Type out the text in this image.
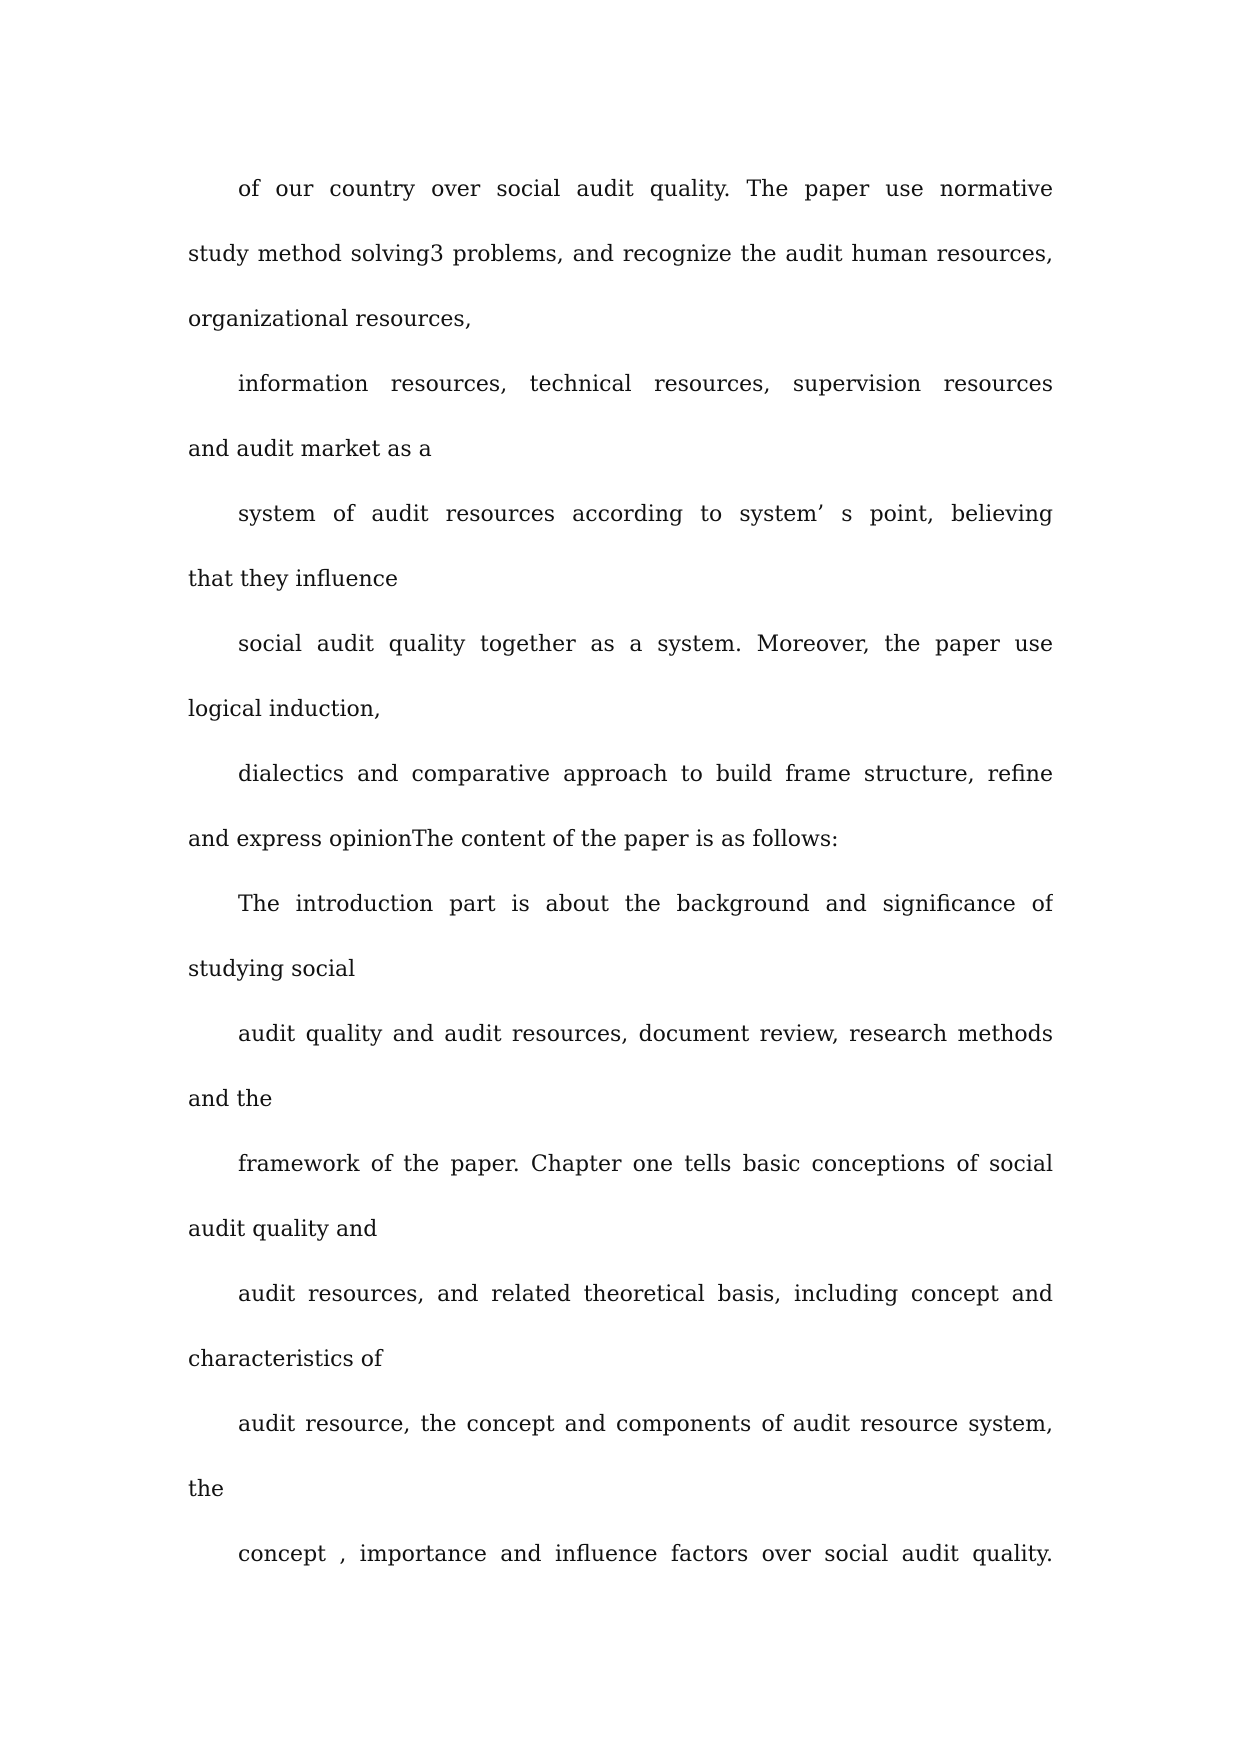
of our country over social audit quality. The paper use normative
study method solving3 problems, and recognize the audit human resources,
organizational resources,
information resources, technical resources, supervision resources
and audit market as a
system of audit resources according to system’ s point, believing
that they influence
social audit quality together as a system. Moreover, the paper use
logical induction,
dialectics and comparative approach to build frame structure, refine
and express opinionThe content of the paper is as follows:
The introduction part is about the background and significance of
studying social
audit quality and audit resources, document review, research methods
and the
framework of the paper. Chapter one tells basic conceptions of social
audit quality and
audit resources, and related theoretical basis, including concept and
characteristics of
audit resource, the concept and components of audit resource system,
the
concept , importance and influence factors over social audit quality.
